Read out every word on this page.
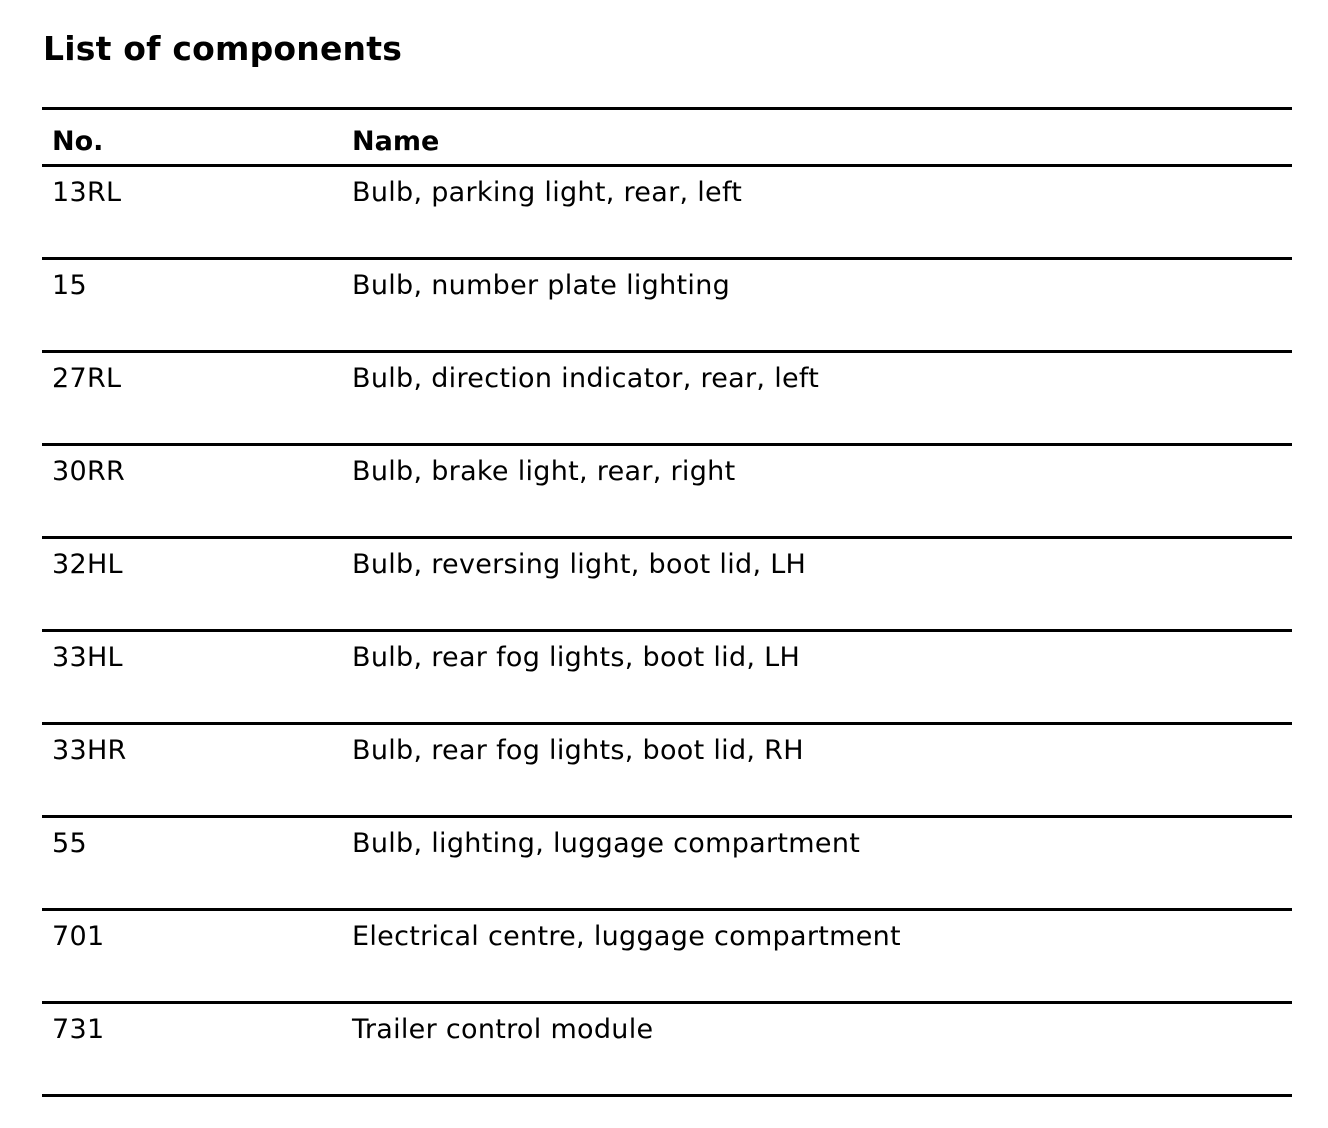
List of components
No.	Name
13RL	Bulb, parking light, rear, left
15	Bulb, number plate lighting
27RL	Bulb, direction indicator, rear, left
30RR	Bulb, brake light, rear, right
32HL	Bulb, reversing light, boot lid, LH
33HL	Bulb, rear fog lights, boot lid, LH
33HR	Bulb, rear fog lights, boot lid, RH
55	Bulb, lighting, luggage compartment
701	Electrical centre, luggage compartment
731	Trailer control module
